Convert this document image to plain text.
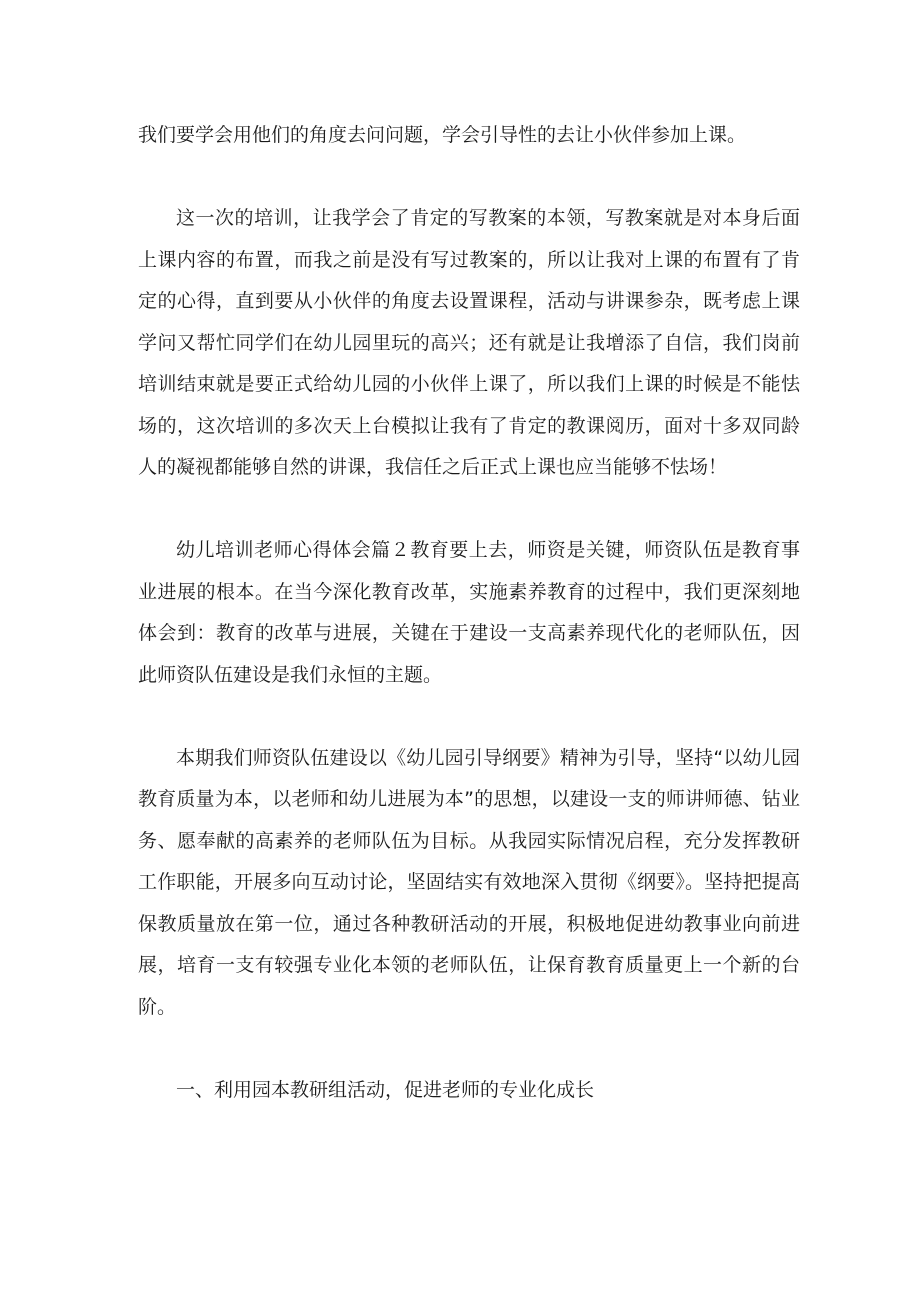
我们要学会用他们的角度去问问题，学会引导性的去让小伙伴参加上课。

这一次的培训，让我学会了肯定的写教案的本领，写教案就是对本身后面上课内容的布置，而我之前是没有写过教案的，所以让我对上课的布置有了肯定的心得，直到要从小伙伴的角度去设置课程，活动与讲课参杂，既考虑上课学问又帮忙同学们在幼儿园里玩的高兴；还有就是让我增添了自信，我们岗前培训结束就是要正式给幼儿园的小伙伴上课了，所以我们上课的时候是不能怯场的，这次培训的多次天上台模拟让我有了肯定的教课阅历，面对十多双同龄人的凝视都能够自然的讲课，我信任之后正式上课也应当能够不怯场！

幼儿培训老师心得体会篇２教育要上去，师资是关键，师资队伍是教育事业进展的根本。在当今深化教育改革，实施素养教育的过程中，我们更深刻地体会到：教育的改革与进展，关键在于建设一支高素养现代化的老师队伍，因此师资队伍建设是我们永恒的主题。

本期我们师资队伍建设以《幼儿园引导纲要》精神为引导，坚持“以幼儿园教育质量为本，以老师和幼儿进展为本”的思想，以建设一支的师讲师德、钻业务、愿奉献的高素养的老师队伍为目标。从我园实际情况启程，充分发挥教研工作职能，开展多向互动讨论，坚固结实有效地深入贯彻《纲要》。坚持把提高保教质量放在第一位，通过各种教研活动的开展，积极地促进幼教事业向前进展，培育一支有较强专业化本领的老师队伍，让保育教育质量更上一个新的台阶。

一、利用园本教研组活动，促进老师的专业化成长
